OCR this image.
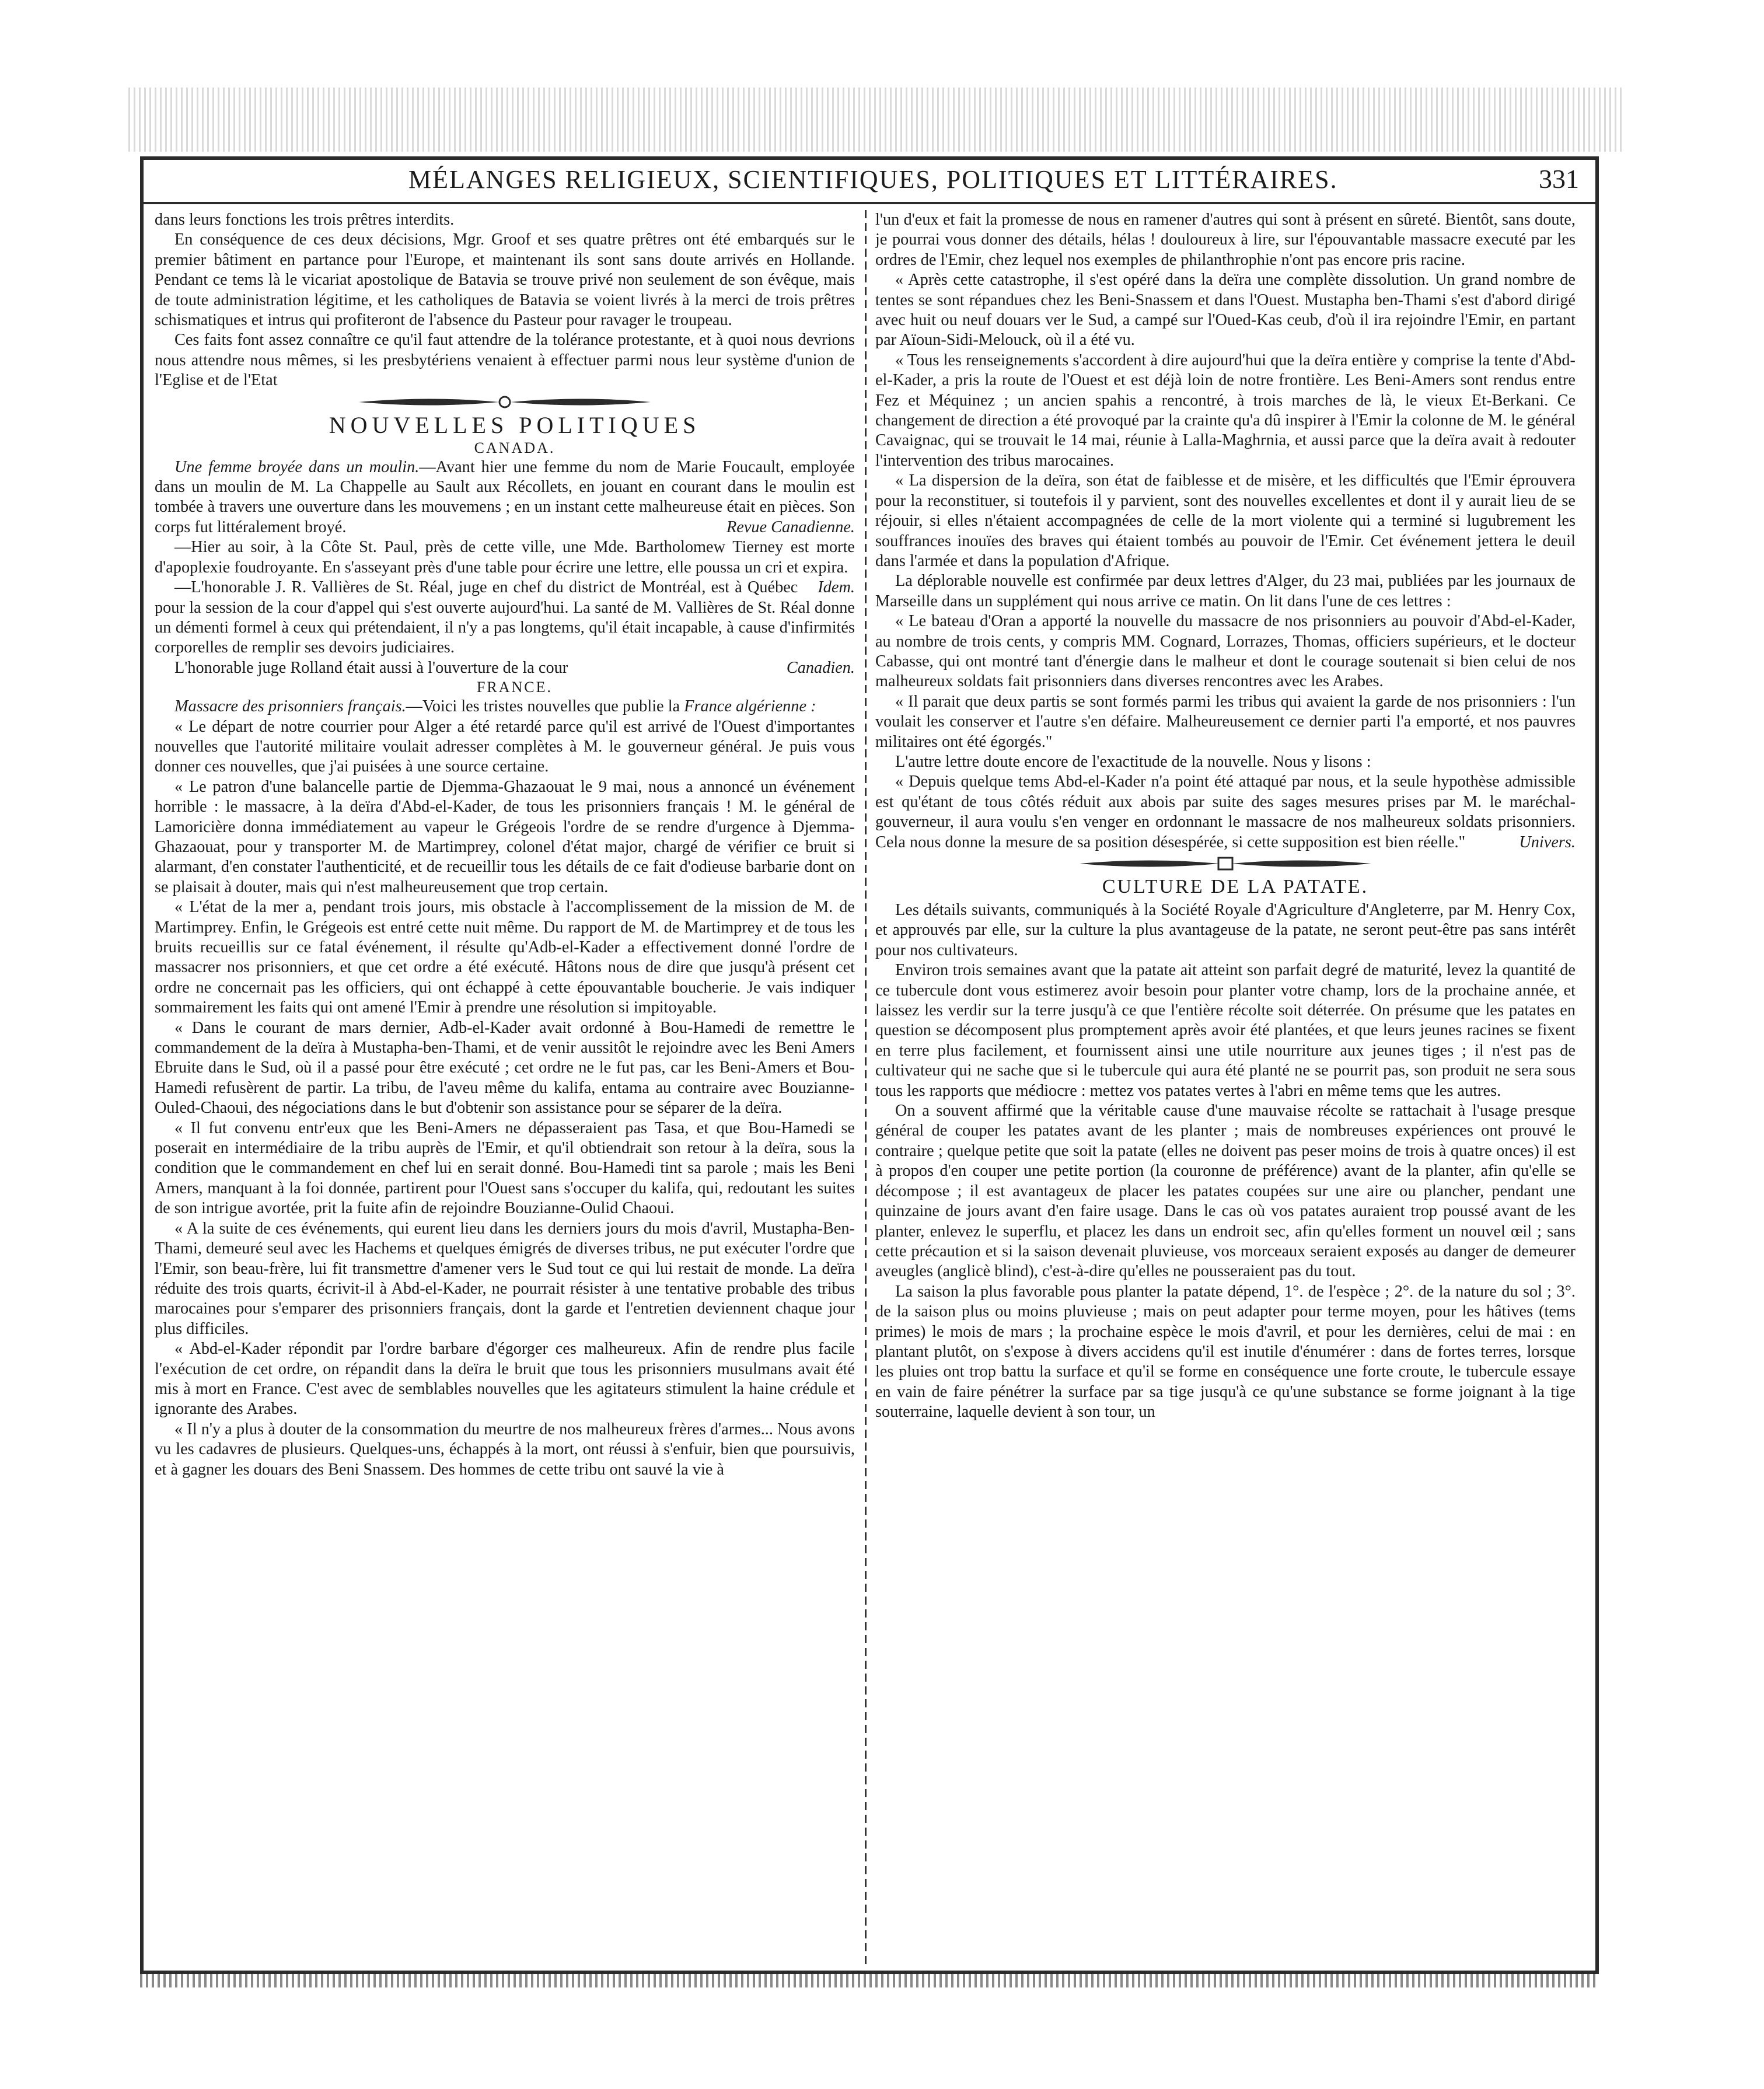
MÉLANGES RELIGIEUX, SCIENTIFIQUES, POLITIQUES ET LITTÉRAIRES.	331

dans leurs fonctions les trois prêtres interdits.

En conséquence de ces deux décisions, Mgr. Groof et ses quatre prêtres ont été embarqués sur le premier bâtiment en partance pour l'Europe, et maintenant ils sont sans doute arrivés en Hollande. Pendant ce tems là le vicariat apostolique de Batavia se trouve privé non seulement de son évêque, mais de toute administration légitime, et les catholiques de Batavia se voient livrés à la merci de trois prêtres schismatiques et intrus qui profiteront de l'absence du Pasteur pour ravager le troupeau.

Ces faits font assez connaître ce qu'il faut attendre de la tolérance protestante, et à quoi nous devrions nous attendre nous mêmes, si les presbytériens venaient à effectuer parmi nous leur système d'union de l'Eglise et de l'Etat

NOUVELLES POLITIQUES

CANADA.

Une femme broyée dans un moulin.—Avant hier une femme du nom de Marie Foucault, employée dans un moulin de M. La Chappelle au Sault aux Récollets, en jouant en courant dans le moulin est tombée à travers une ouverture dans les mouvemens ; en un instant cette malheureuse était en pièces. Son corps fut littéralement broyé.	Revue Canadienne.

—Hier au soir, à la Côte St. Paul, près de cette ville, une Mde. Bartholomew Tierney est morte d'apoplexie foudroyante. En s'asseyant près d'une table pour écrire une lettre, elle poussa un cri et expira.
Idem.

—L'honorable J. R. Vallières de St. Réal, juge en chef du district de Montréal, est à Québec pour la session de la cour d'appel qui s'est ouverte aujourd'hui. La santé de M. Vallières de St. Réal donne un démenti formel à ceux qui prétendaient, il n'y a pas longtems, qu'il était incapable, à cause d'infirmités corporelles de remplir ses devoirs judiciaires.

L'honorable juge Rolland était aussi à l'ouverture de la cour	Canadien.

FRANCE.

Massacre des prisonniers français.—Voici les tristes nouvelles que publie la France algérienne :

« Le départ de notre courrier pour Alger a été retardé parce qu'il est arrivé de l'Ouest d'importantes nouvelles que l'autorité militaire voulait adresser complètes à M. le gouverneur général. Je puis vous donner ces nouvelles, que j'ai puisées à une source certaine.

« Le patron d'une balancelle partie de Djemma-Ghazaouat le 9 mai, nous a annoncé un événement horrible : le massacre, à la deïra d'Abd-el-Kader, de tous les prisonniers français ! M. le général de Lamoricière donna immédiatement au vapeur le Grégeois l'ordre de se rendre d'urgence à Djemma-Ghazaouat, pour y transporter M. de Martimprey, colonel d'état major, chargé de vérifier ce bruit si alarmant, d'en constater l'authenticité, et de recueillir tous les détails de ce fait d'odieuse barbarie dont on se plaisait à douter, mais qui n'est malheureusement que trop certain.

« L'état de la mer a, pendant trois jours, mis obstacle à l'accomplissement de la mission de M. de Martimprey. Enfin, le Grégeois est entré cette nuit même. Du rapport de M. de Martimprey et de tous les bruits recueillis sur ce fatal événement, il résulte qu'Adb-el-Kader a effectivement donné l'ordre de massacrer nos prisonniers, et que cet ordre a été exécuté. Hâtons nous de dire que jusqu'à présent cet ordre ne concernait pas les officiers, qui ont échappé à cette épouvantable boucherie. Je vais indiquer sommairement les faits qui ont amené l'Emir à prendre une résolution si impitoyable.

« Dans le courant de mars dernier, Adb-el-Kader avait ordonné à Bou-Hamedi de remettre le commandement de la deïra à Mustapha-ben-Thami, et de venir aussitôt le rejoindre avec les Beni Amers Ebruite dans le Sud, où il a passé pour être exécuté ; cet ordre ne le fut pas, car les Beni-Amers et Bou-Hamedi refusèrent de partir. La tribu, de l'aveu même du kalifa, entama au contraire avec Bouzianne-Ouled-Chaoui, des négociations dans le but d'obtenir son assistance pour se séparer de la deïra.

« Il fut convenu entr'eux que les Beni-Amers ne dépasseraient pas Tasa, et que Bou-Hamedi se poserait en intermédiaire de la tribu auprès de l'Emir, et qu'il obtiendrait son retour à la deïra, sous la condition que le commandement en chef lui en serait donné. Bou-Hamedi tint sa parole ; mais les Beni Amers, manquant à la foi donnée, partirent pour l'Ouest sans s'occuper du kalifa, qui, redoutant les suites de son intrigue avortée, prit la fuite afin de rejoindre Bouzianne-Oulid Chaoui.

« A la suite de ces événements, qui eurent lieu dans les derniers jours du mois d'avril, Mustapha-Ben-Thami, demeuré seul avec les Hachems et quelques émigrés de diverses tribus, ne put exécuter l'ordre que l'Emir, son beau-frère, lui fit transmettre d'amener vers le Sud tout ce qui lui restait de monde. La deïra réduite des trois quarts, écrivit-il à Abd-el-Kader, ne pourrait résister à une tentative probable des tribus marocaines pour s'emparer des prisonniers français, dont la garde et l'entretien deviennent chaque jour plus difficiles.

« Abd-el-Kader répondit par l'ordre barbare d'égorger ces malheureux. Afin de rendre plus facile l'exécution de cet ordre, on répandit dans la deïra le bruit que tous les prisonniers musulmans avait été mis à mort en France. C'est avec de semblables nouvelles que les agitateurs stimulent la haine crédule et ignorante des Arabes.

« Il n'y a plus à douter de la consommation du meurtre de nos malheureux frères d'armes... Nous avons vu les cadavres de plusieurs. Quelques-uns, échappés à la mort, ont réussi à s'enfuir, bien que poursuivis, et à gagner les douars des Beni Snassem. Des hommes de cette tribu ont sauvé la vie à

l'un d'eux et fait la promesse de nous en ramener d'autres qui sont à présent en sûreté. Bientôt, sans doute, je pourrai vous donner des détails, hélas ! douloureux à lire, sur l'épouvantable massacre executé par les ordres de l'Emir, chez lequel nos exemples de philanthrophie n'ont pas encore pris racine.

« Après cette catastrophe, il s'est opéré dans la deïra une complète dissolution. Un grand nombre de tentes se sont répandues chez les Beni-Snassem et dans l'Ouest. Mustapha ben-Thami s'est d'abord dirigé avec huit ou neuf douars ver le Sud, a campé sur l'Oued-Kas ceub, d'où il ira rejoindre l'Emir, en partant par Aïoun-Sidi-Melouck, où il a été vu.

« Tous les renseignements s'accordent à dire aujourd'hui que la deïra entière y comprise la tente d'Abd-el-Kader, a pris la route de l'Ouest et est déjà loin de notre frontière. Les Beni-Amers sont rendus entre Fez et Méquinez ; un ancien spahis a rencontré, à trois marches de là, le vieux Et-Berkani. Ce changement de direction a été provoqué par la crainte qu'a dû inspirer à l'Emir la colonne de M. le général Cavaignac, qui se trouvait le 14 mai, réunie à Lalla-Maghrnia, et aussi parce que la deïra avait à redouter l'intervention des tribus marocaines.

« La dispersion de la deïra, son état de faiblesse et de misère, et les difficultés que l'Emir éprouvera pour la reconstituer, si toutefois il y parvient, sont des nouvelles excellentes et dont il y aurait lieu de se réjouir, si elles n'étaient accompagnées de celle de la mort violente qui a terminé si lugubrement les souffrances inouïes des braves qui étaient tombés au pouvoir de l'Emir. Cet événement jettera le deuil dans l'armée et dans la population d'Afrique.

La déplorable nouvelle est confirmée par deux lettres d'Alger, du 23 mai, publiées par les journaux de Marseille dans un supplément qui nous arrive ce matin. On lit dans l'une de ces lettres :

« Le bateau d'Oran a apporté la nouvelle du massacre de nos prisonniers au pouvoir d'Abd-el-Kader, au nombre de trois cents, y compris MM. Cognard, Lorrazes, Thomas, officiers supérieurs, et le docteur Cabasse, qui ont montré tant d'énergie dans le malheur et dont le courage soutenait si bien celui de nos malheureux soldats fait prisonniers dans diverses rencontres avec les Arabes.

« Il parait que deux partis se sont formés parmi les tribus qui avaient la garde de nos prisonniers : l'un voulait les conserver et l'autre s'en défaire. Malheureusement ce dernier parti l'a emporté, et nos pauvres militaires ont été égorgés."

L'autre lettre doute encore de l'exactitude de la nouvelle. Nous y lisons :

« Depuis quelque tems Abd-el-Kader n'a point été attaqué par nous, et la seule hypothèse admissible est qu'étant de tous côtés réduit aux abois par suite des sages mesures prises par M. le maréchal-gouverneur, il aura voulu s'en venger en ordonnant le massacre de nos malheureux soldats prisonniers. Cela nous donne la mesure de sa position désespérée, si cette supposition est bien réelle."	Univers.

CULTURE DE LA PATATE.

Les détails suivants, communiqués à la Société Royale d'Agriculture d'Angleterre, par M. Henry Cox, et approuvés par elle, sur la culture la plus avantageuse de la patate, ne seront peut-être pas sans intérêt pour nos cultivateurs.

Environ trois semaines avant que la patate ait atteint son parfait degré de maturité, levez la quantité de ce tubercule dont vous estimerez avoir besoin pour planter votre champ, lors de la prochaine année, et laissez les verdir sur la terre jusqu'à ce que l'entière récolte soit déterrée. On présume que les patates en question se décomposent plus promptement après avoir été plantées, et que leurs jeunes racines se fixent en terre plus facilement, et fournissent ainsi une utile nourriture aux jeunes tiges ; il n'est pas de cultivateur qui ne sache que si le tubercule qui aura été planté ne se pourrit pas, son produit ne sera sous tous les rapports que médiocre : mettez vos patates vertes à l'abri en même tems que les autres.

On a souvent affirmé que la véritable cause d'une mauvaise récolte se rattachait à l'usage presque général de couper les patates avant de les planter ; mais de nombreuses expériences ont prouvé le contraire ; quelque petite que soit la patate (elles ne doivent pas peser moins de trois à quatre onces) il est à propos d'en couper une petite portion (la couronne de préférence) avant de la planter, afin qu'elle se décompose ; il est avantageux de placer les patates coupées sur une aire ou plancher, pendant une quinzaine de jours avant d'en faire usage. Dans le cas où vos patates auraient trop poussé avant de les planter, enlevez le superflu, et placez les dans un endroit sec, afin qu'elles forment un nouvel œil ; sans cette précaution et si la saison devenait pluvieuse, vos morceaux seraient exposés au danger de demeurer aveugles (anglicè blind), c'est-à-dire qu'elles ne pousseraient pas du tout.

La saison la plus favorable pous planter la patate dépend, 1°. de l'espèce ; 2°. de la nature du sol ; 3°. de la saison plus ou moins pluvieuse ; mais on peut adapter pour terme moyen, pour les hâtives (tems primes) le mois de mars ; la prochaine espèce le mois d'avril, et pour les dernières, celui de mai : en plantant plutôt, on s'expose à divers accidens qu'il est inutile d'énumérer : dans de fortes terres, lorsque les pluies ont trop battu la surface et qu'il se forme en conséquence une forte croute, le tubercule essaye en vain de faire pénétrer la surface par sa tige jusqu'à ce qu'une substance se forme joignant à la tige souterraine, laquelle devient à son tour, un
